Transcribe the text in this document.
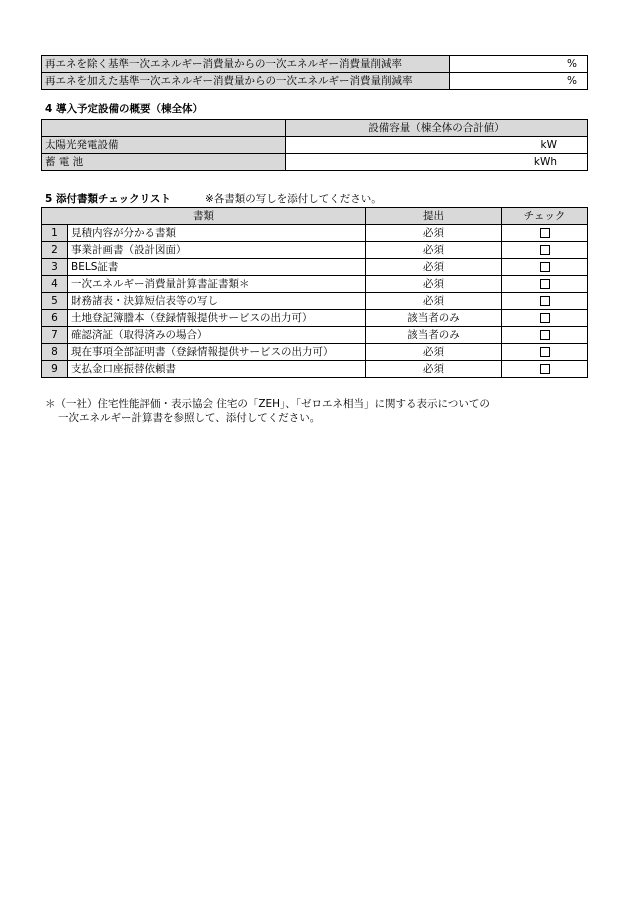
再エネを除く基準一次エネルギー消費量からの一次エネルギー消費量削減率	%
再エネを加えた基準一次エネルギー消費量からの一次エネルギー消費量削減率	%
4 導入予定設備の概要（棟全体）
	設備容量（棟全体の合計値）
太陽光発電設備	kW
蓄 電 池	kWh
5 添付書類チェックリスト	※各書類の写しを添付してください。
書類		提出	チェック
1	見積内容が分かる書類	必須	
2	事業計画書（設計図面）	必須	
3	BELS証書	必須	
4	一次エネルギー消費量計算書証書類＊	必須	
5	財務諸表・決算短信表等の写し	必須	
6	土地登記簿謄本（登録情報提供サービスの出力可）	該当者のみ	
7	確認済証（取得済みの場合）	該当者のみ	
8	現在事項全部証明書（登録情報提供サービスの出力可）	必須	
9	支払金口座振替依頼書	必須	
＊（一社）住宅性能評価・表示協会 住宅の「ZEH」、「ゼロエネ相当」に関する表示についての
一次エネルギー計算書を参照して、添付してください。
